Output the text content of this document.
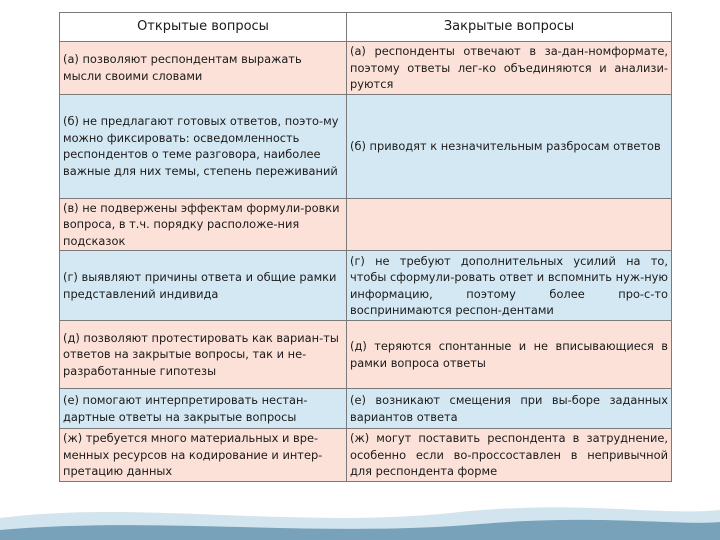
Открытые вопросы	Закрытые вопросы
(а) позволяют респондентам выражать мысли своими словами	(а) респонденты отвечают в за-дан-номформате, поэтому ответы лег-ко объединяются и анализи-руются
(б) не предлагают готовых ответов, поэто-му можно фиксировать: осведомленность респондентов о теме разговора, наиболее важные для них темы, степень переживаний	(б) приводят к незначительным разбросам ответов
(в) не подвержены эффектам формули-ровки вопроса, в т.ч. порядку расположе-ния подсказок	
(г) выявляют причины ответа и общие рамки представлений индивида	(г) не требуют дополнительных усилий на то, чтобы сформули-ровать ответ и вспомнить нуж-ную информацию, поэтому более про-с-то воспринимаются респон-дентами
(д) позволяют протестировать как вариан-ты ответов на закрытые вопросы, так и не-разработанные гипотезы	(д) теряются спонтанные и не вписывающиеся в рамки вопроса ответы
(е) помогают интерпретировать нестан-дартные ответы на закрытые вопросы	(е) возникают смещения при вы-боре заданных вариантов ответа
(ж) требуется много материальных и вре-менных ресурсов на кодирование и интер-претацию данных	(ж) могут поставить респондента в затруднение, особенно если во-проссоставлен в непривычной для респондента форме
